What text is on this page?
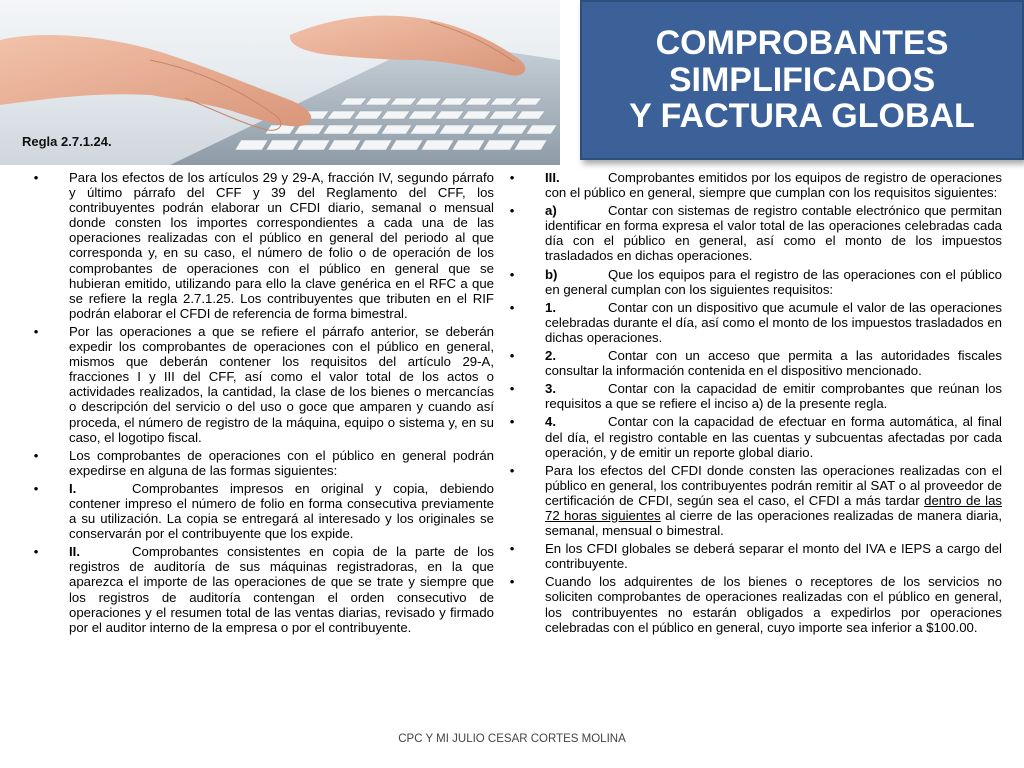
Regla 2.7.1.24.
COMPROBANTES
SIMPLIFICADOS
Y FACTURA GLOBAL
• Para los efectos de los artículos 29 y 29-A, fracción IV, segundo párrafo y último párrafo del CFF y 39 del Reglamento del CFF, los contribuyentes podrán elaborar un CFDI diario, semanal o mensual donde consten los importes correspondientes a cada una de las operaciones realizadas con el público en general del periodo al que corresponda y, en su caso, el número de folio o de operación de los comprobantes de operaciones con el público en general que se hubieran emitido, utilizando para ello la clave genérica en el RFC a que se refiere la regla 2.7.1.25. Los contribuyentes que tributen en el RIF podrán elaborar el CFDI de referencia de forma bimestral.
• Por las operaciones a que se refiere el párrafo anterior, se deberán expedir los comprobantes de operaciones con el público en general, mismos que deberán contener los requisitos del artículo 29-A, fracciones I y III del CFF, así como el valor total de los actos o actividades realizados, la cantidad, la clase de los bienes o mercancías o descripción del servicio o del uso o goce que amparen y cuando así proceda, el número de registro de la máquina, equipo o sistema y, en su caso, el logotipo fiscal.
• Los comprobantes de operaciones con el público en general podrán expedirse en alguna de las formas siguientes:
• I.	Comprobantes impresos en original y copia, debiendo contener impreso el número de folio en forma consecutiva previamente a su utilización. La copia se entregará al interesado y los originales se conservarán por el contribuyente que los expide.
• II.	Comprobantes consistentes en copia de la parte de los registros de auditoría de sus máquinas registradoras, en la que aparezca el importe de las operaciones de que se trate y siempre que los registros de auditoría contengan el orden consecutivo de operaciones y el resumen total de las ventas diarias, revisado y firmado por el auditor interno de la empresa o por el contribuyente.
• III.	Comprobantes emitidos por los equipos de registro de operaciones con el público en general, siempre que cumplan con los requisitos siguientes:
• a)	Contar con sistemas de registro contable electrónico que permitan identificar en forma expresa el valor total de las operaciones celebradas cada día con el público en general, así como el monto de los impuestos trasladados en dichas operaciones.
• b)	Que los equipos para el registro de las operaciones con el público en general cumplan con los siguientes requisitos:
• 1.	Contar con un dispositivo que acumule el valor de las operaciones celebradas durante el día, así como el monto de los impuestos trasladados en dichas operaciones.
• 2.	Contar con un acceso que permita a las autoridades fiscales consultar la información contenida en el dispositivo mencionado.
• 3.	Contar con la capacidad de emitir comprobantes que reúnan los requisitos a que se refiere el inciso a) de la presente regla.
• 4.	Contar con la capacidad de efectuar en forma automática, al final del día, el registro contable en las cuentas y subcuentas afectadas por cada operación, y de emitir un reporte global diario.
• Para los efectos del CFDI donde consten las operaciones realizadas con el público en general, los contribuyentes podrán remitir al SAT o al proveedor de certificación de CFDI, según sea el caso, el CFDI a más tardar dentro de las 72 horas siguientes al cierre de las operaciones realizadas de manera diaria, semanal, mensual o bimestral.
• En los CFDI globales se deberá separar el monto del IVA e IEPS a cargo del contribuyente.
• Cuando los adquirentes de los bienes o receptores de los servicios no soliciten comprobantes de operaciones realizadas con el público en general, los contribuyentes no estarán obligados a expedirlos por operaciones celebradas con el público en general, cuyo importe sea inferior a $100.00.
CPC Y MI JULIO CESAR CORTES MOLINA
